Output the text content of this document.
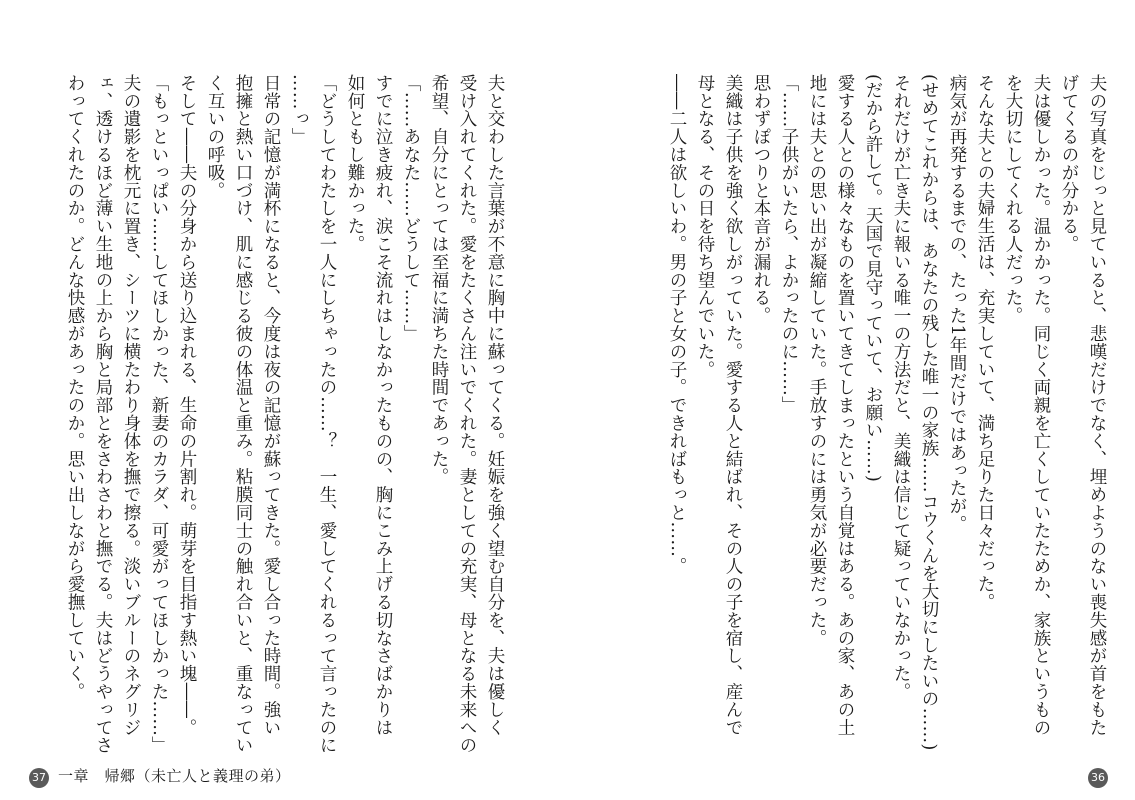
夫の写真をじっと見ていると、悲嘆だけでなく、埋めようのない喪失感が首をもた
げてくるのが分かる。
夫は優しかった。温かかった。同じく両親を亡くしていたためか、家族というもの
を大切にしてくれる人だった。
そんな夫との夫婦生活は、充実していて、満ち足りた日々だった。
病気が再発するまでの、たった1年間だけではあったが。
(せめてこれからは、あなたの残した唯一の家族……コウくんを大切にしたいの……)
それだけが亡き夫に報いる唯一の方法だと、美織は信じて疑っていなかった。
(だから許して。天国で見守っていて、お願い……)
愛する人との様々なものを置いてきてしまったという自覚はある。あの家、あの土
地には夫との思い出が凝縮していた。手放すのには勇気が必要だった。
「……子供がいたら、よかったのに……」
思わずぽつりと本音が漏れる。
美織は子供を強く欲しがっていた。愛する人と結ばれ、その人の子を宿し、産んで
母となる、その日を待ち望んでいた。
――二人は欲しいわ。男の子と女の子。できればもっと……。
36
夫と交わした言葉が不意に胸中に蘇ってくる。妊娠を強く望む自分を、夫は優しく
受け入れてくれた。愛をたくさん注いでくれた。妻としての充実、母となる未来への
希望、自分にとっては至福に満ちた時間であった。
「……あなた……どうして……」
すでに泣き疲れ、涙こそ流れはしなかったものの、胸にこみ上げる切なさばかりは
如何ともし難かった。
「どうしてわたしを一人にしちゃったの……？　一生、愛してくれるって言ったのに
……っ」
日常の記憶が満杯になると、今度は夜の記憶が蘇ってきた。愛し合った時間。強い
抱擁と熱い口づけ、肌に感じる彼の体温と重み。粘膜同士の触れ合いと、重なってい
く互いの呼吸。
そして――夫の分身から送り込まれる、生命の片割れ。萌芽を目指す熱い塊――。
「もっといっぱい……してほしかった、新妻のカラダ、可愛がってほしかった……」
夫の遺影を枕元に置き、シーツに横たわり身体を撫で擦る。淡いブルーのネグリジ
ェ、透けるほど薄い生地の上から胸と局部とをさわさわと撫でる。夫はどうやってさ
わってくれたのか。どんな快感があったのか。思い出しながら愛撫していく。
37 一章　帰郷（未亡人と義理の弟）
